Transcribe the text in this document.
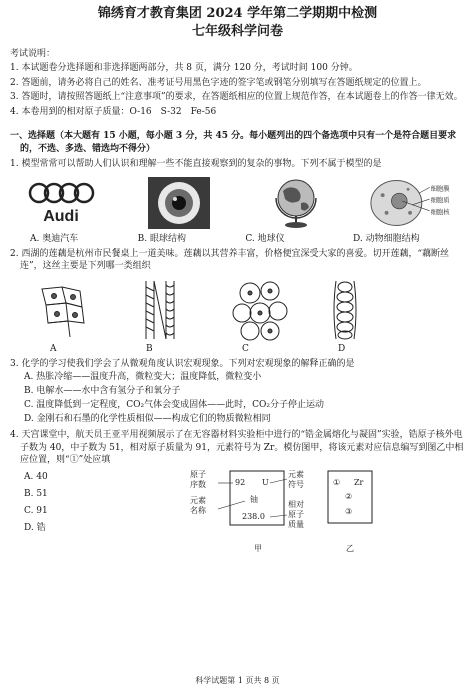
锦绣育才教育集团 2024 学年第二学期期中检测
七年级科学问卷
考试说明：
1. 本试题卷分选择题和非选择题两部分，共 8 页，满分 120 分，考试时间 100 分钟。
2. 答题前，请务必将自己的姓名、准考证号用黑色字迹的签字笔或钢笔分别填写在答题纸规定的位置上。
3. 答题时，请按照答题纸上“注意事项”的要求，在答题纸相应的位置上规范作答，在本试题卷上的作答一律无效。
4. 本卷用到的相对原子质量：O-16　S-32　Fe-56
一、选择题（本大题有 15 小题，每小题 3 分，共 45 分。每小题列出的四个备选项中只有一个是符合题目要求的，不选、多选、错选均不得分）
1. 模型常常可以帮助人们认识和理解一些不能直接观察到的复杂的事物。下列不属于模型的是
Audi
细胞膜
细胞质
细胞核
A. 奥迪汽车	B. 眼球结构	C. 地球仪	D. 动物细胞结构
2. 西湖的莲藕是杭州市民餐桌上一道美味。莲藕以其营养丰富，价格便宜深受大家的喜爱。切开莲藕，“藕断丝连”，这丝主要是下列哪一类组织
A	B	C	D
3. 化学的学习使我们学会了从微观角度认识宏观现象。下列对宏观现象的解释正确的是
A. 热胀冷缩——温度升高，微粒变大；温度降低，微粒变小
B. 电解水——水中含有氢分子和氧分子
C. 温度降低到一定程度，CO₂气体会变成固体——此时，CO₂分子停止运动
D. 金刚石和石墨的化学性质相似——构成它们的物质微粒相同
4. 天宫课堂中，航天员王亚平用视频展示了在无容器材料实验柜中进行的“锆金属熔化与凝固”实验，锆原子核外电子数为 40，中子数为 51，相对原子质量为 91，元素符号为 Zr。模仿图甲，将该元素对应信息编写到图乙中相应位置，则“①”处应填
A. 40
B. 51
C. 91
D. 锆
原子
序数
元素
名称
92 U
铀
238.0
元素
符号
相对
原子
质量
甲
① Zr
②
③
乙
科学试题第 1 页共 8 页
